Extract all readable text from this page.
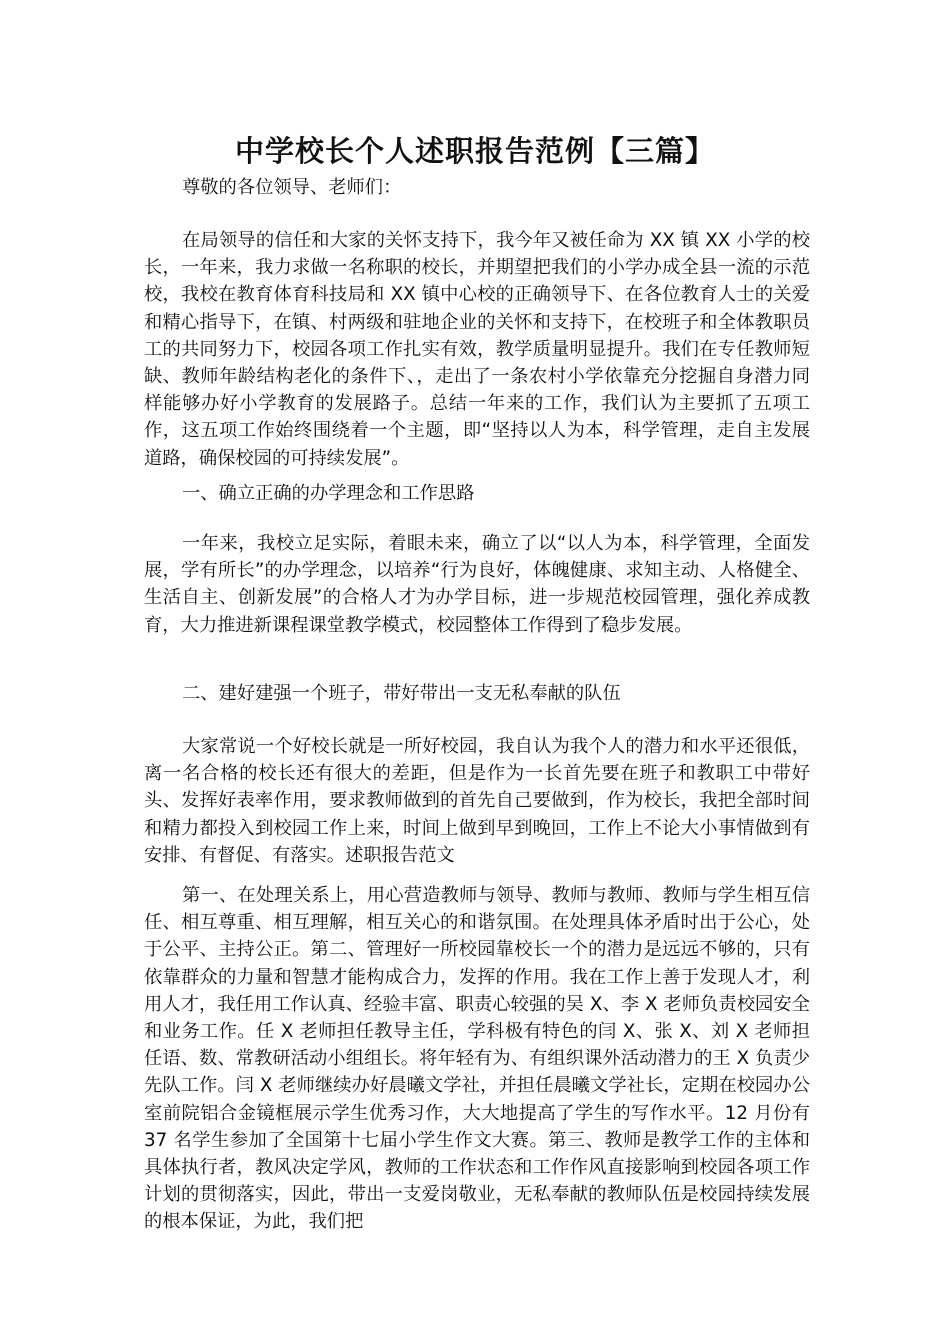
中学校长个人述职报告范例【三篇】

尊敬的各位领导、老师们：

在局领导的信任和大家的关怀支持下，我今年又被任命为 XX 镇 XX 小学的校长，一年来，我力求做一名称职的校长，并期望把我们的小学办成全县一流的示范校，我校在教育体育科技局和 XX 镇中心校的正确领导下、在各位教育人士的关爱和精心指导下，在镇、村两级和驻地企业的关怀和支持下，在校班子和全体教职员工的共同努力下，校园各项工作扎实有效，教学质量明显提升。我们在专任教师短缺、教师年龄结构老化的条件下、，走出了一条农村小学依靠充分挖掘自身潜力同样能够办好小学教育的发展路子。总结一年来的工作，我们认为主要抓了五项工作，这五项工作始终围绕着一个主题，即“坚持以人为本，科学管理，走自主发展道路，确保校园的可持续发展”。

一、确立正确的办学理念和工作思路

一年来，我校立足实际，着眼未来，确立了以“以人为本，科学管理，全面发展，学有所长”的办学理念，以培养“行为良好，体魄健康、求知主动、人格健全、生活自主、创新发展”的合格人才为办学目标，进一步规范校园管理，强化养成教育，大力推进新课程课堂教学模式，校园整体工作得到了稳步发展。

二、建好建强一个班子，带好带出一支无私奉献的队伍

大家常说一个好校长就是一所好校园，我自认为我个人的潜力和水平还很低，离一名合格的校长还有很大的差距，但是作为一长首先要在班子和教职工中带好头、发挥好表率作用，要求教师做到的首先自己要做到，作为校长，我把全部时间和精力都投入到校园工作上来，时间上做到早到晚回，工作上不论大小事情做到有安排、有督促、有落实。述职报告范文

第一、在处理关系上，用心营造教师与领导、教师与教师、教师与学生相互信任、相互尊重、相互理解，相互关心的和谐氛围。在处理具体矛盾时出于公心，处于公平、主持公正。第二、管理好一所校园靠校长一个的潜力是远远不够的，只有依靠群众的力量和智慧才能构成合力，发挥的作用。我在工作上善于发现人才，利用人才，我任用工作认真、经验丰富、职责心较强的吴 X、李 X 老师负责校园安全和业务工作。任 X 老师担任教导主任，学科极有特色的闫 X、张 X、刘 X 老师担任语、数、常教研活动小组组长。将年轻有为、有组织课外活动潜力的王 X 负责少先队工作。闫 X 老师继续办好晨曦文学社，并担任晨曦文学社长，定期在校园办公室前院铝合金镜框展示学生优秀习作，大大地提高了学生的写作水平。12 月份有 37 名学生参加了全国第十七届小学生作文大赛。第三、教师是教学工作的主体和具体执行者，教风决定学风，教师的工作状态和工作作风直接影响到校园各项工作计划的贯彻落实，因此，带出一支爱岗敬业，无私奉献的教师队伍是校园持续发展的根本保证，为此，我们把
